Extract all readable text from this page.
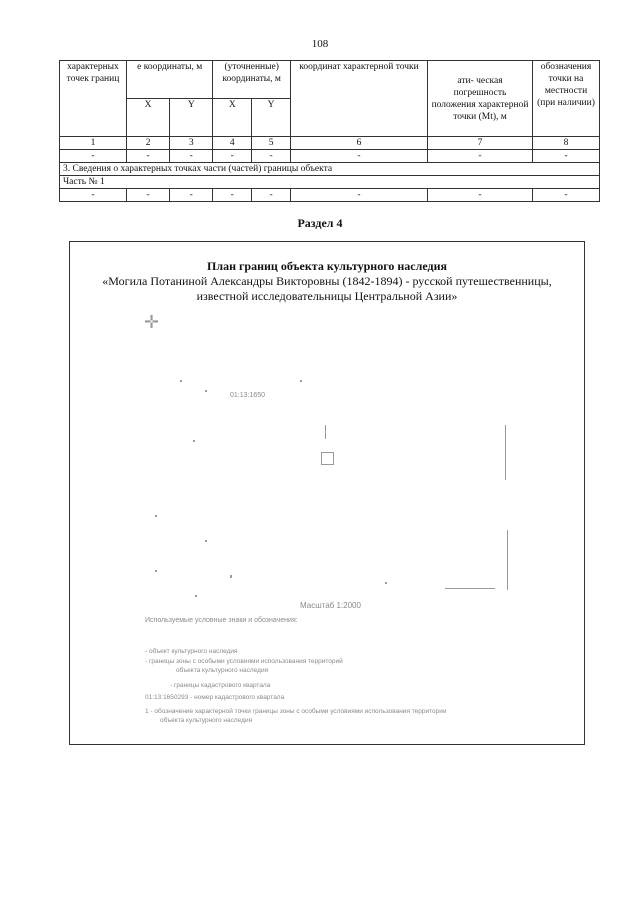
108
характерных точек границ	е координаты, м		(уточненные) координаты, м		координат характерной точки	ати- ческая погрешность положения характерной точки (Mt), м	обозначения точки на местности (при наличии)
	X	Y	X	Y			
1	2	3	4	5	6	7	8
-	-	-	-	-	-	-	-
3. Сведения о характерных точках части (частей) границы объекта							
Часть № 1							
-	-	-	-	-	-	-	-
Раздел 4
План границ объекта культурного наследия
«Могила Потаниной Александры Викторовны (1842-1894) - русской путешественницы,
известной исследовательницы Центральной Азии»
✛
01:13:1650
Масштаб 1:2000
Используемые условные знаки и обозначения:
- объект культурного наследия
- границы зоны с особыми условиями использования территорий
объекта культурного наследия
- границы кадастрового квартала
01:13:1650293 - номер кадастрового квартала
1 - обозначение характерной точки границы зоны с особыми условиями использования территории
объекта культурного наследия
